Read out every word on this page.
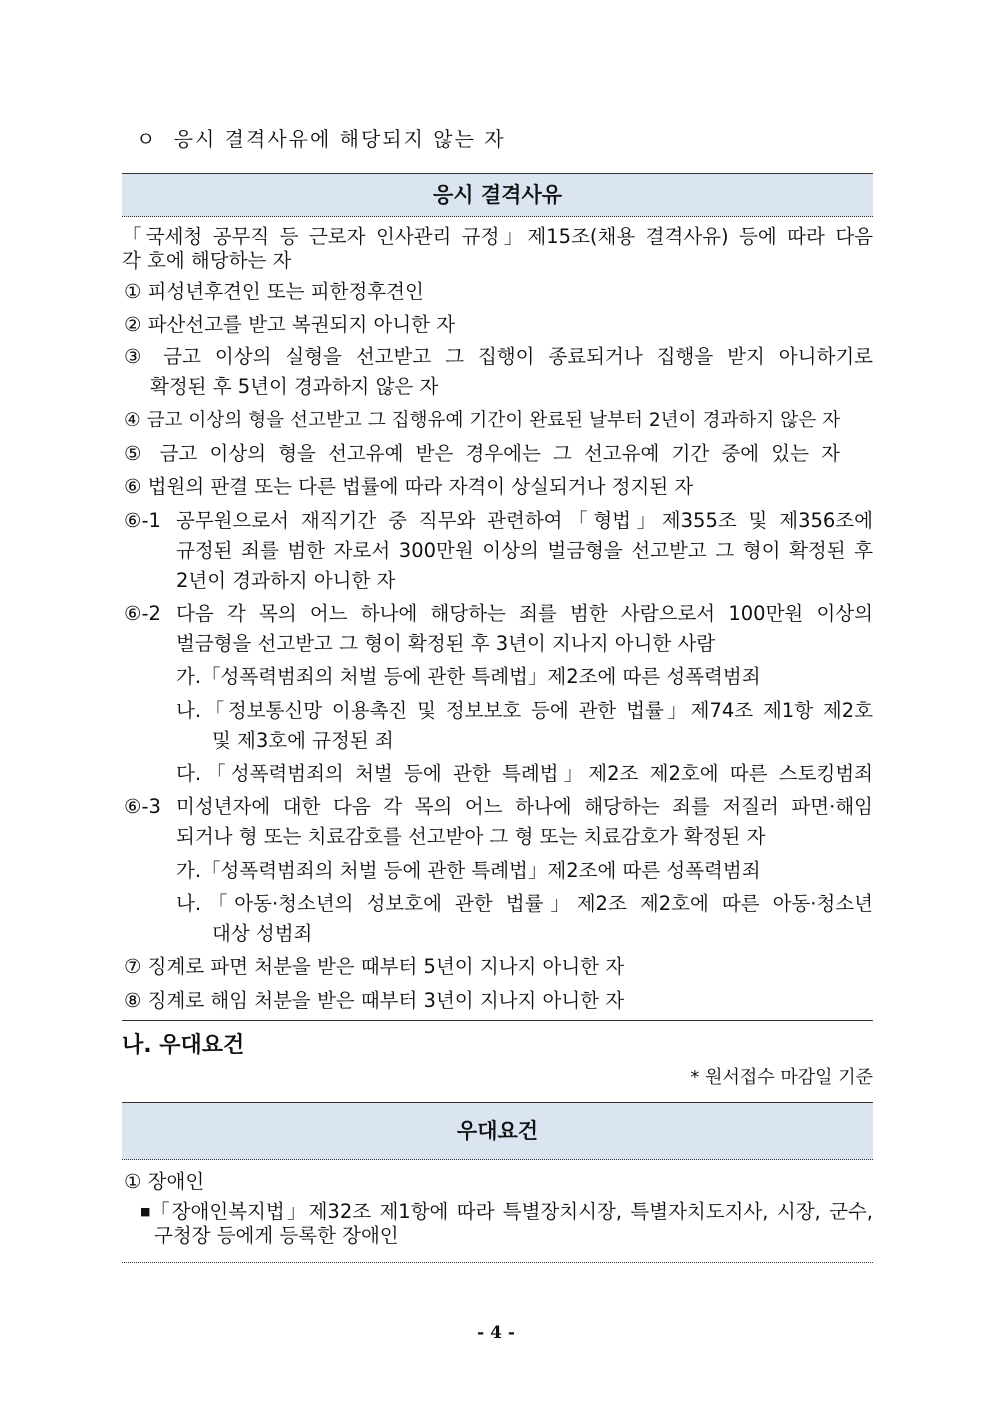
ㅇ 응시 결격사유에 해당되지 않는 자
응시 결격사유
「국세청 공무직 등 근로자 인사관리 규정」제15조(채용 결격사유) 등에 따라 다음
각 호에 해당하는 자
① 피성년후견인 또는 피한정후견인
② 파산선고를 받고 복권되지 아니한 자
③ 금고 이상의 실형을 선고받고 그 집행이 종료되거나 집행을 받지 아니하기로
확정된 후 5년이 경과하지 않은 자
④ 금고 이상의 형을 선고받고 그 집행유예 기간이 완료된 날부터 2년이 경과하지 않은 자
⑤ 금고 이상의 형을 선고유예 받은 경우에는 그 선고유예 기간 중에 있는 자
⑥ 법원의 판결 또는 다른 법률에 따라 자격이 상실되거나 정지된 자
⑥-1 공무원으로서 재직기간 중 직무와 관련하여「형법」제355조 및 제356조에
규정된 죄를 범한 자로서 300만원 이상의 벌금형을 선고받고 그 형이 확정된 후
2년이 경과하지 아니한 자
⑥-2 다음 각 목의 어느 하나에 해당하는 죄를 범한 사람으로서 100만원 이상의
벌금형을 선고받고 그 형이 확정된 후 3년이 지나지 아니한 사람
가.「성폭력범죄의 처벌 등에 관한 특례법」제2조에 따른 성폭력범죄
나.「정보통신망 이용촉진 및 정보보호 등에 관한 법률」제74조 제1항 제2호
및 제3호에 규정된 죄
다.「성폭력범죄의 처벌 등에 관한 특례법」제2조 제2호에 따른 스토킹범죄
⑥-3 미성년자에 대한 다음 각 목의 어느 하나에 해당하는 죄를 저질러 파면·해임
되거나 형 또는 치료감호를 선고받아 그 형 또는 치료감호가 확정된 자
가.「성폭력범죄의 처벌 등에 관한 특례법」제2조에 따른 성폭력범죄
나.「아동·청소년의 성보호에 관한 법률」제2조 제2호에 따른 아동·청소년
대상 성범죄
⑦ 징계로 파면 처분을 받은 때부터 5년이 지나지 아니한 자
⑧ 징계로 해임 처분을 받은 때부터 3년이 지나지 아니한 자
나. 우대요건
* 원서접수 마감일 기준
우대요건
① 장애인
■ 「장애인복지법」제32조 제1항에 따라 특별장치시장, 특별자치도지사, 시장, 군수,
구청장 등에게 등록한 장애인
- 4 -
